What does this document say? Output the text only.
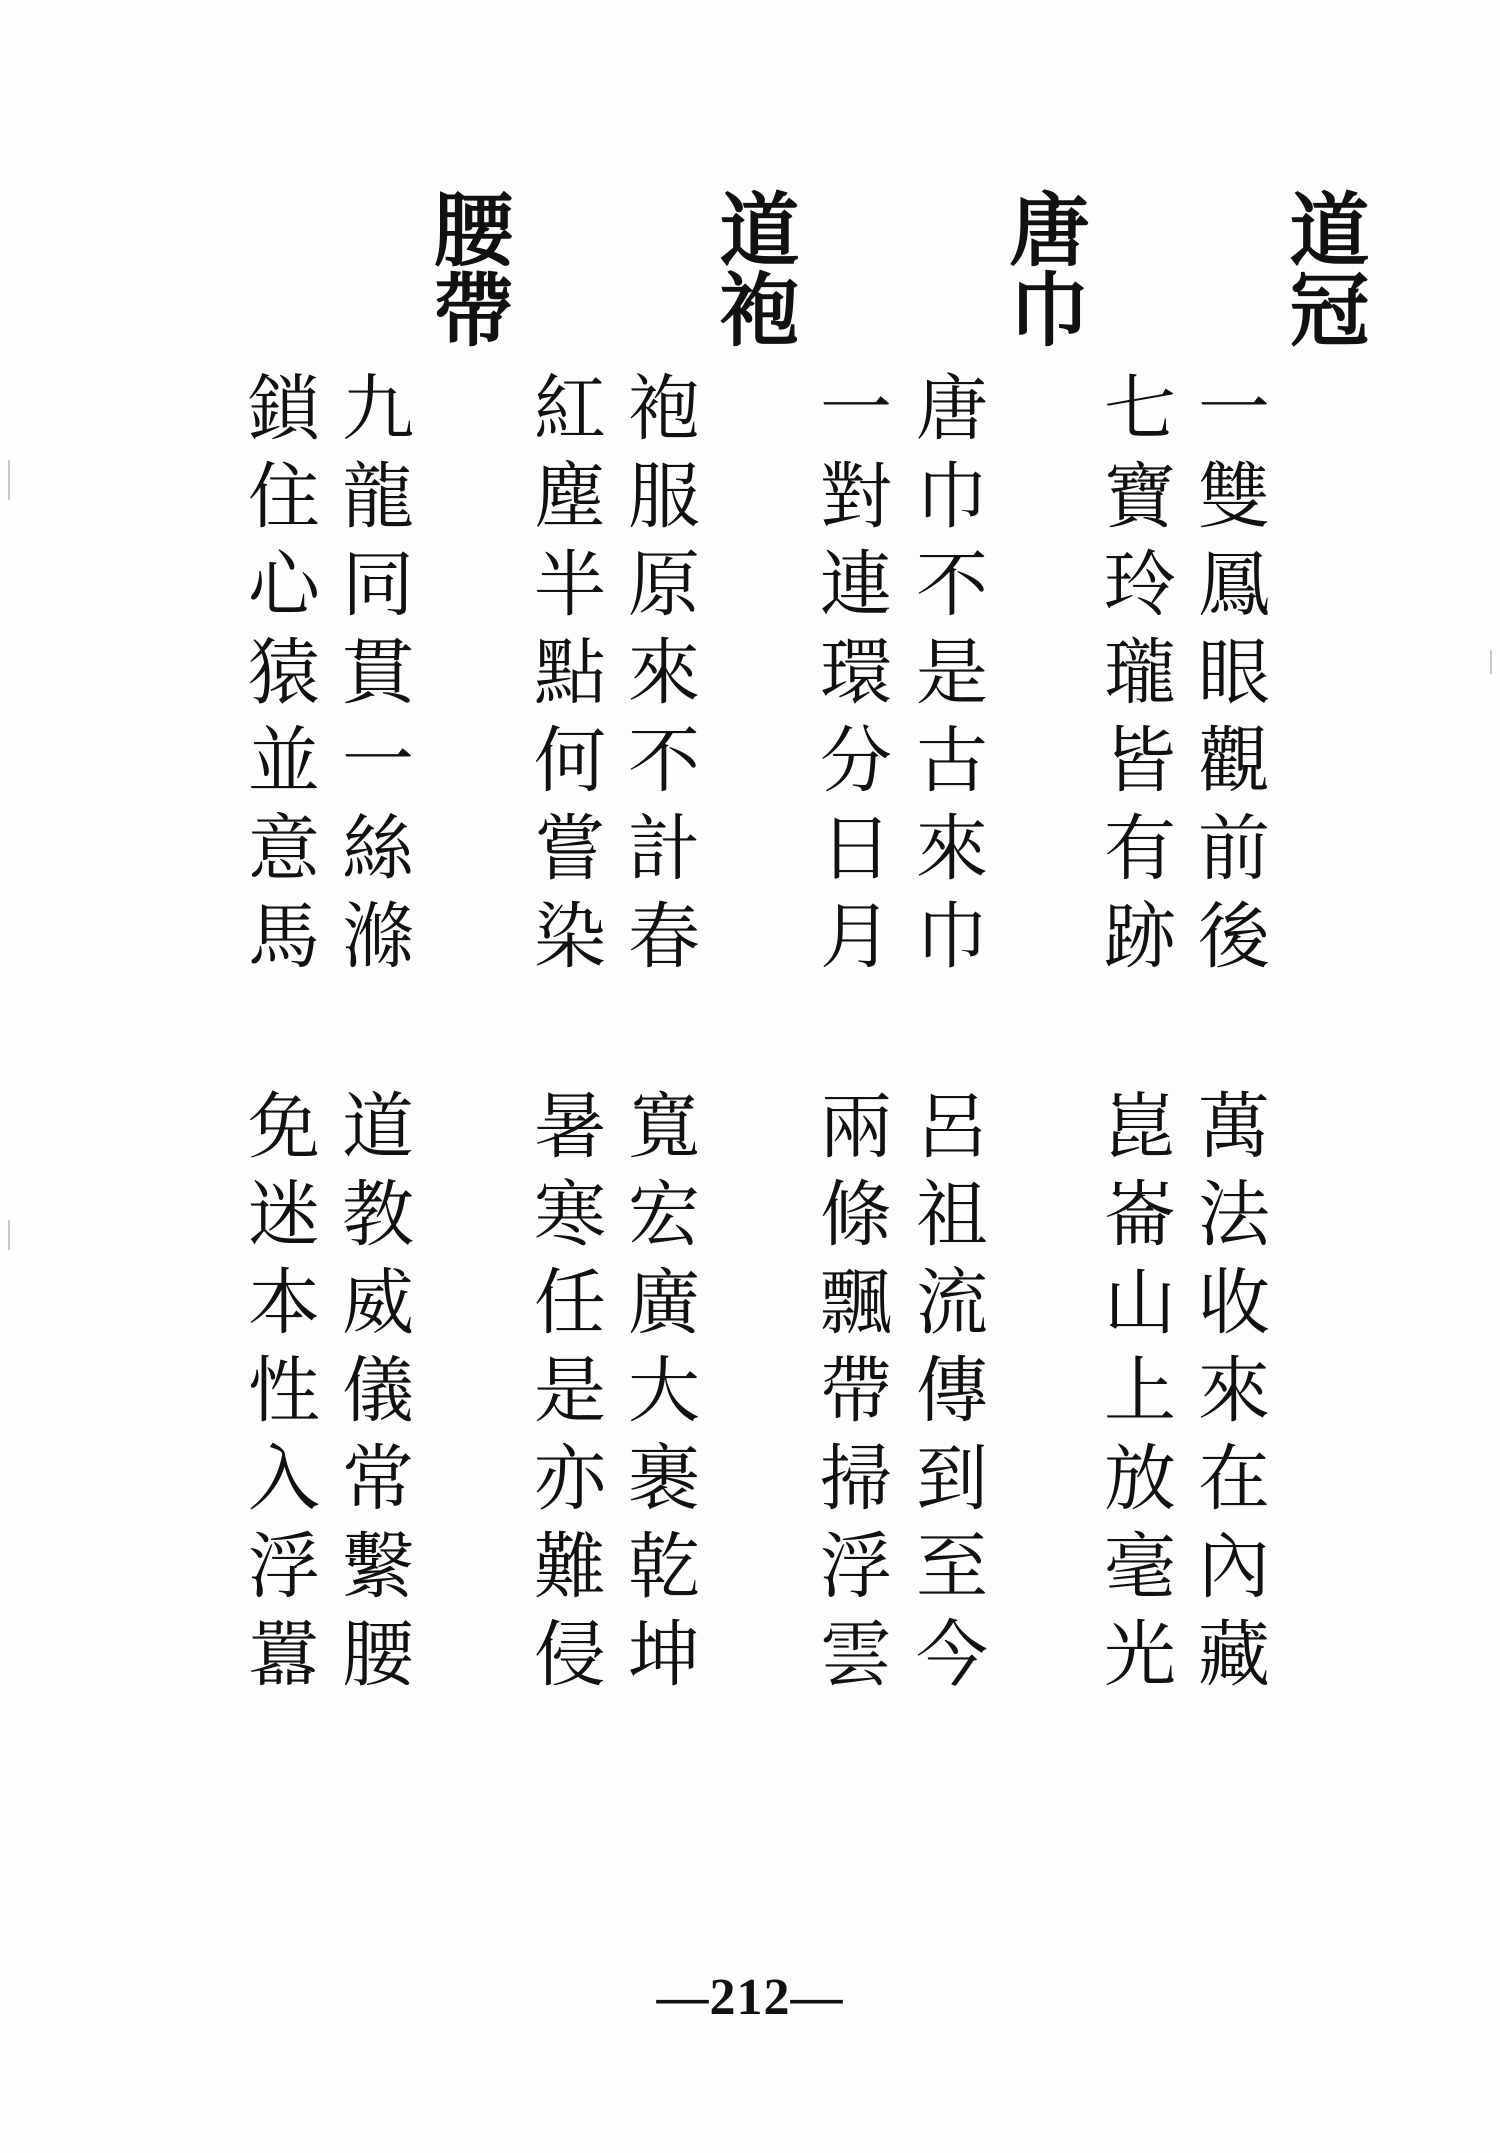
道冠
一雙鳳眼觀前後
七寶玲瓏皆有跡
萬法收來在內藏
崑崙山上放毫光
唐巾
唐巾不是古來巾
一對連環分日月
呂祖流傳到至今
兩條飄帶掃浮雲
道袍
袍服原來不計春
紅塵半點何嘗染
寬宏廣大裹乾坤
暑寒任是亦難侵
腰帶
九龍同貫一絲滌
鎖住心猿並意馬
道教威儀常繫腰
免迷本性入浮囂
—212—
